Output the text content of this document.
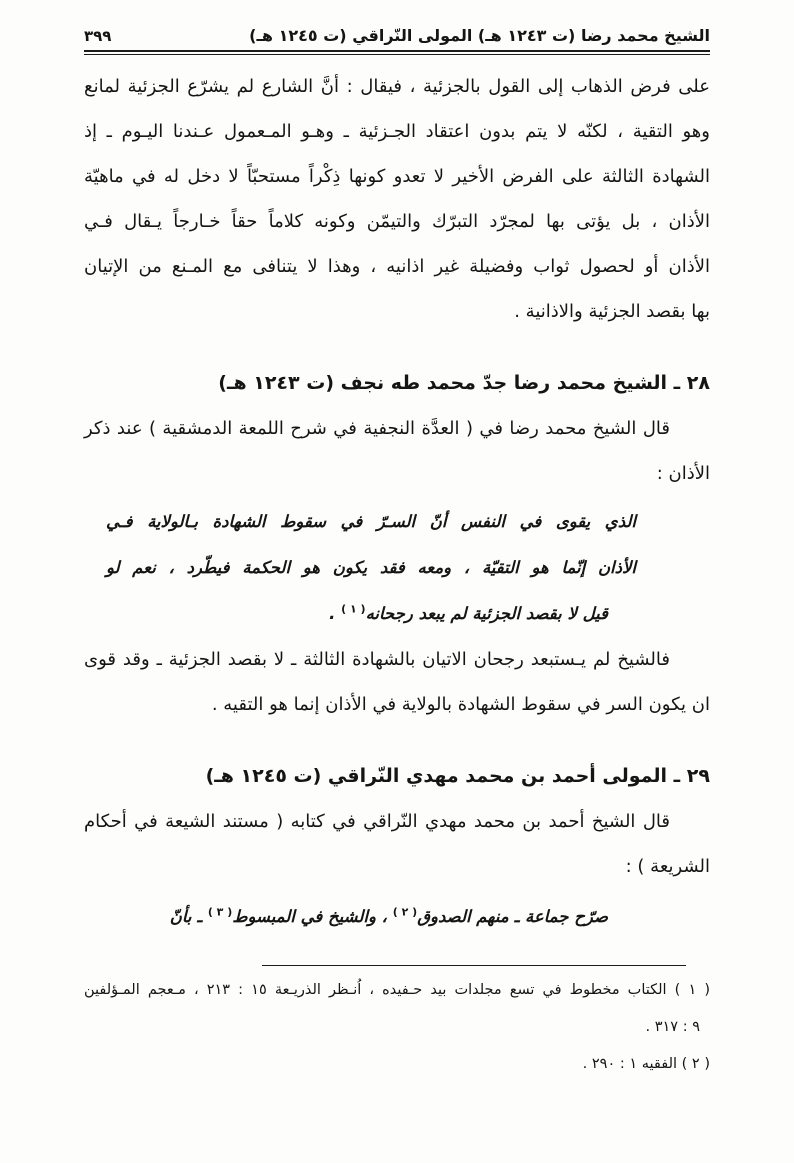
الشيخ محمد رضا (ت ١٢٤٣ هـ) المولى النّراقي (ت ١٢٤٥ هـ)
٣٩٩
على فرض الذهاب إلى القول بالجزئية ، فيقال : أنَّ الشارع لم يشرّع الجزئية لمانع
وهو التقية ، لكنّه لا يتم بدون اعتقاد الجـزئية ـ وهـو المـعمول عـندنا اليـوم ـ إذ
الشهادة الثالثة على الفرض الأخير لا تعدو كونها ذِكْراً مستحبّاً لا دخل له في ماهيّة
الأذان ، بل يؤتى بها لمجرّد التبرّك والتيمّن وكونه كلاماً حقاً خـارجاً يـقال فـي
الأذان أو لحصول ثواب وفضيلة غير اذانيه ، وهذا لا يتنافى مع المـنع من الإتيان
بها بقصد الجزئية والاذانية .
٢٨ ـ الشيخ محمد رضا جدّ محمد طه نجف (ت ١٢٤٣ هـ)
قال الشيخ محمد رضا في ( العدَّة النجفية في شرح اللمعة الدمشقية ) عند ذكر
الأذان :
الذي يقوى في النفس أنّ السـرّ في سقوط الشهادة بـالولاية فـي
الأذان إنّما هو التقيّة ، ومعه فقد يكون هو الحكمة فيطّرد ، نعم لو
قيل لا بقصد الجزئية لم يبعد رجحانه$^{( ١ )}$ .
فالشيخ لم يـستبعد رجحان الاتيان بالشهادة الثالثة ـ لا بقصد الجزئية ـ وقد قوى
ان يكون السر في سقوط الشهادة بالولاية في الأذان إنما هو التقيه .
٢٩ ـ المولى أحمد بن محمد مهدي النّراقي (ت ١٢٤٥ هـ)
قال الشيخ أحمد بن محمد مهدي النّراقي في كتابه ( مستند الشيعة في أحكام
الشريعة ) :
صرّح جماعة ـ منهم الصدوق$^{( ٢ )}$ ، والشيخ في المبسوط$^{( ٣ )}$ ـ بأنّ
( ١ ) الكتاب مخطوط في تسع مجلدات بيد حـفيده ، اُنـظر الذريـعة ١٥ : ٢١٣ ، مـعجم المـؤلفين
٩ : ٣١٧ .
( ٢ ) الفقيه ١ : ٢٩٠ .
